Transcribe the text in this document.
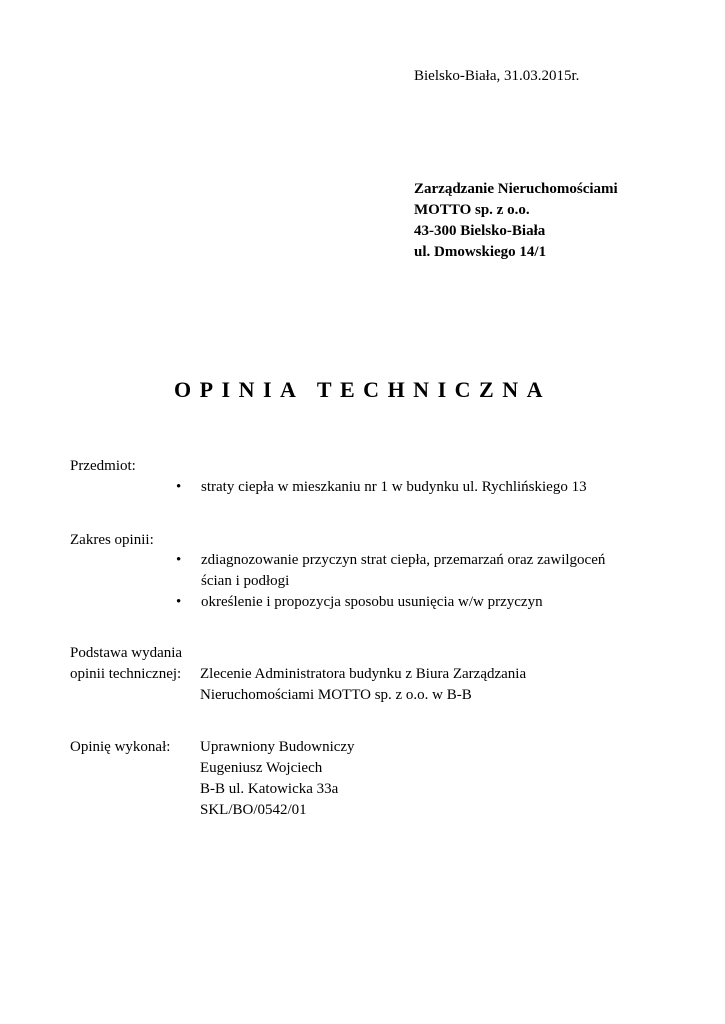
Bielsko-Biała, 31.03.2015r.
Zarządzanie Nieruchomościami
MOTTO sp. z o.o.
43-300 Bielsko-Biała
ul. Dmowskiego 14/1
OPINIA TECHNICZNA
Przedmiot:
• straty ciepła w mieszkaniu nr 1 w budynku ul. Rychlińskiego 13
Zakres opinii:
• zdiagnozowanie przyczyn strat ciepła, przemarzań oraz zawilgoceń
ścian i podłogi
• określenie i propozycja sposobu usunięcia w/w przyczyn
Podstawa wydania
opinii technicznej: Zlecenie Administratora budynku z Biura Zarządzania
Nieruchomościami MOTTO sp. z o.o. w B-B
Opinię wykonał: Uprawniony Budowniczy
Eugeniusz Wojciech
B-B ul. Katowicka 33a
SKL/BO/0542/01
